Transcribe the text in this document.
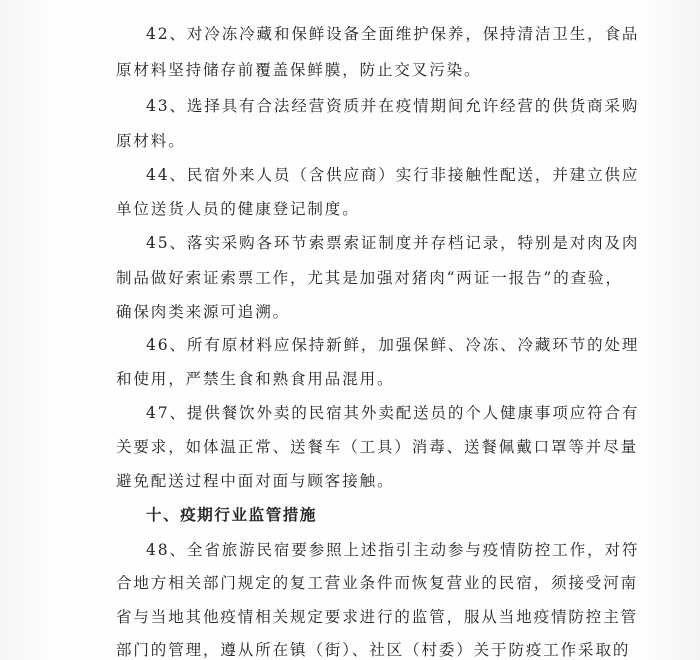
42、对冷冻冷藏和保鲜设备全面维护保养，保持清洁卫生，食品
原材料坚持储存前覆盖保鲜膜，防止交叉污染。
43、选择具有合法经营资质并在疫情期间允许经营的供货商采购
原材料。
44、民宿外来人员（含供应商）实行非接触性配送，并建立供应
单位送货人员的健康登记制度。
45、落实采购各环节索票索证制度并存档记录，特别是对肉及肉
制品做好索证索票工作，尤其是加强对猪肉“两证一报告”的查验，
确保肉类来源可追溯。
46、所有原材料应保持新鲜，加强保鲜、冷冻、冷藏环节的处理
和使用，严禁生食和熟食用品混用。
47、提供餐饮外卖的民宿其外卖配送员的个人健康事项应符合有
关要求，如体温正常、送餐车（工具）消毒、送餐佩戴口罩等并尽量
避免配送过程中面对面与顾客接触。
十、疫期行业监管措施
48、全省旅游民宿要参照上述指引主动参与疫情防控工作，对符
合地方相关部门规定的复工营业条件而恢复营业的民宿，须接受河南
省与当地其他疫情相关规定要求进行的监管，服从当地疫情防控主管
部门的管理，遵从所在镇（街）、社区（村委）关于防疫工作采取的
